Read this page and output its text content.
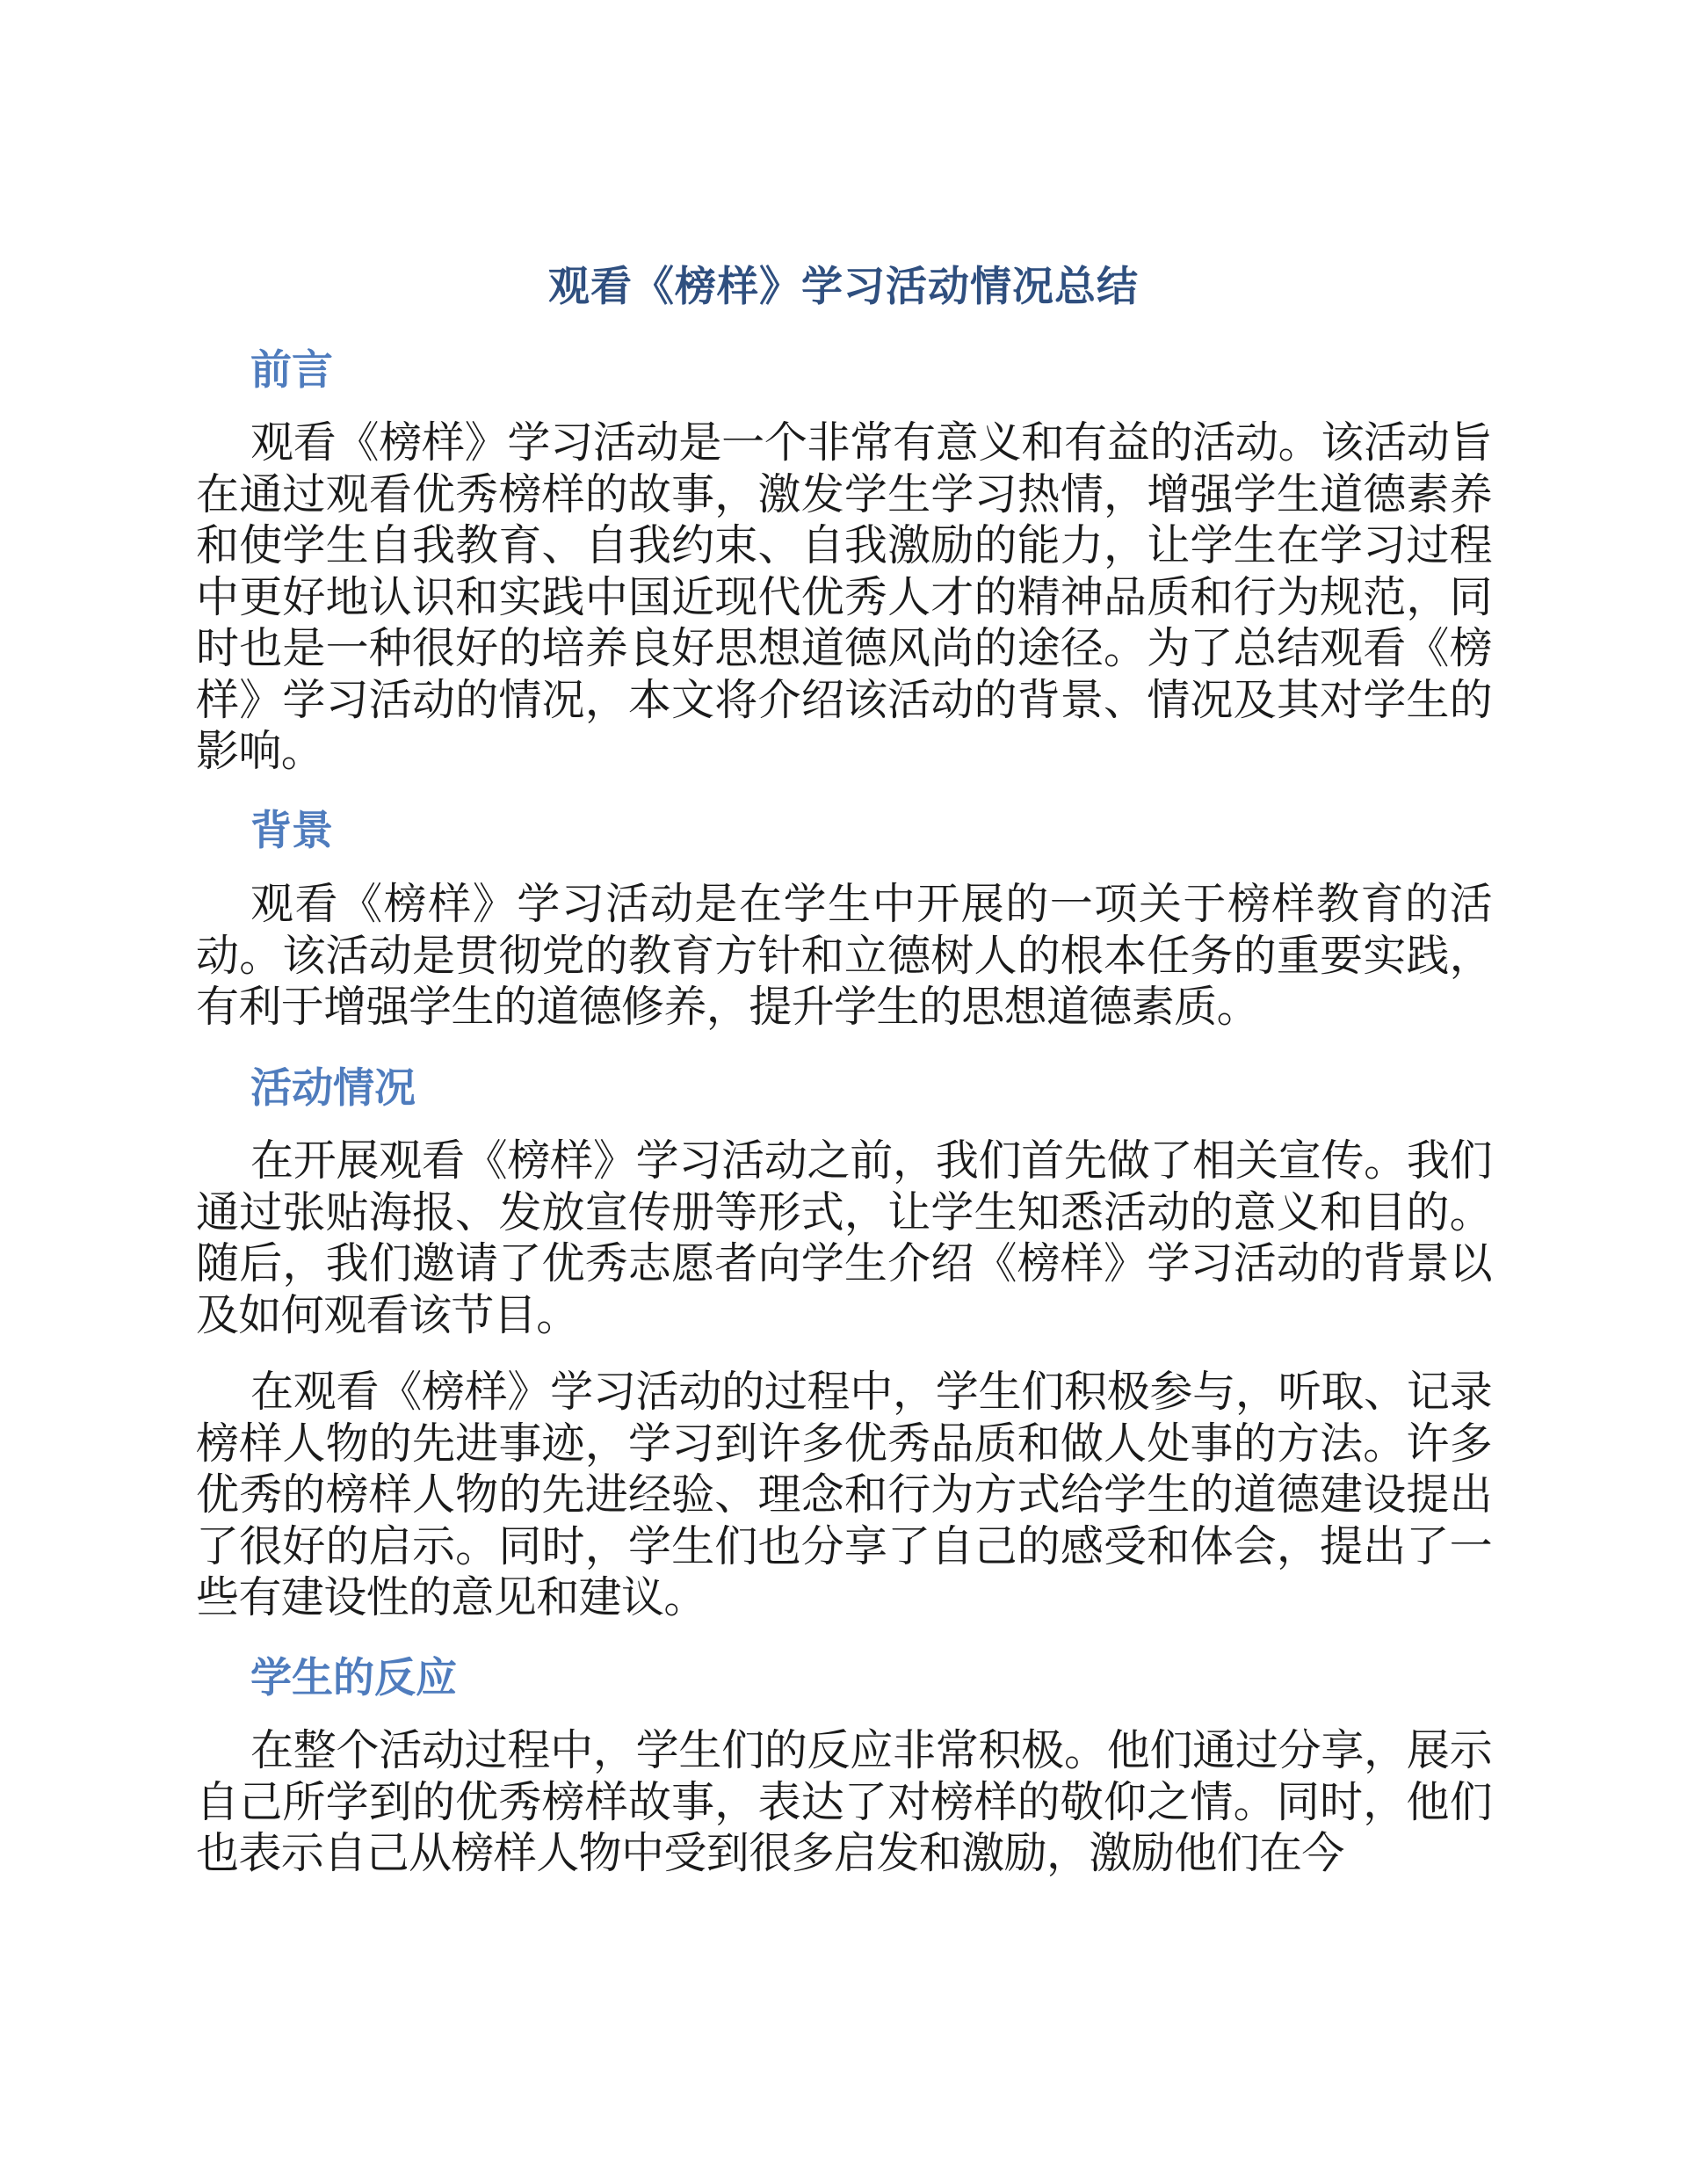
观看《榜样》学习活动情况总结
前言

观看《榜样》学习活动是一个非常有意义和有益的活动。该活动旨在通过观看优秀榜样的故事，激发学生学习热情，增强学生道德素养和使学生自我教育、自我约束、自我激励的能力，让学生在学习过程中更好地认识和实践中国近现代优秀人才的精神品质和行为规范，同时也是一种很好的培养良好思想道德风尚的途径。为了总结观看《榜样》学习活动的情况，本文将介绍该活动的背景、情况及其对学生的影响。

背景

观看《榜样》学习活动是在学生中开展的一项关于榜样教育的活动。该活动是贯彻党的教育方针和立德树人的根本任务的重要实践，有利于增强学生的道德修养，提升学生的思想道德素质。

活动情况

在开展观看《榜样》学习活动之前，我们首先做了相关宣传。我们通过张贴海报、发放宣传册等形式，让学生知悉活动的意义和目的。随后，我们邀请了优秀志愿者向学生介绍《榜样》学习活动的背景以及如何观看该节目。

在观看《榜样》学习活动的过程中，学生们积极参与，听取、记录榜样人物的先进事迹，学习到许多优秀品质和做人处事的方法。许多优秀的榜样人物的先进经验、理念和行为方式给学生的道德建设提出了很好的启示。同时，学生们也分享了自己的感受和体会，提出了一些有建设性的意见和建议。

学生的反应

在整个活动过程中，学生们的反应非常积极。他们通过分享，展示自己所学到的优秀榜样故事，表达了对榜样的敬仰之情。同时，他们也表示自己从榜样人物中受到很多启发和激励，激励他们在今
